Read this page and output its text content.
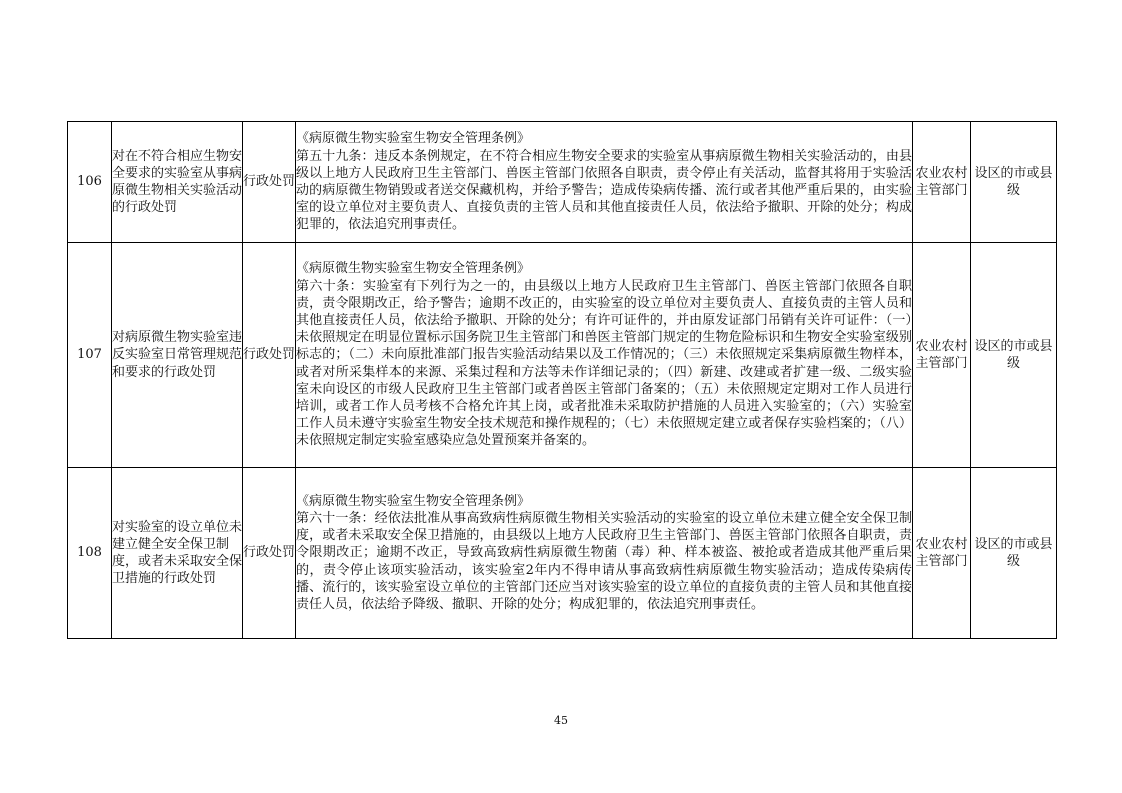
106	对在不符合相应生物安全要求的实验室从事病原微生物相关实验活动的行政处罚	行政处罚	《病原微生物实验室生物安全管理条例》
第五十九条：违反本条例规定，在不符合相应生物安全要求的实验室从事病原微生物相关实验活动的，由县级以上地方人民政府卫生主管部门、兽医主管部门依照各自职责，责令停止有关活动，监督其将用于实验活动的病原微生物销毁或者送交保藏机构，并给予警告；造成传染病传播、流行或者其他严重后果的，由实验室的设立单位对主要负责人、直接负责的主管人员和其他直接责任人员，依法给予撤职、开除的处分；构成犯罪的，依法追究刑事责任。	农业农村主管部门	设区的市或县级
107	对病原微生物实验室违反实验室日常管理规范和要求的行政处罚	行政处罚	《病原微生物实验室生物安全管理条例》
第六十条：实验室有下列行为之一的，由县级以上地方人民政府卫生主管部门、兽医主管部门依照各自职责，责令限期改正，给予警告；逾期不改正的，由实验室的设立单位对主要负责人、直接负责的主管人员和其他直接责任人员，依法给予撤职、开除的处分；有许可证件的，并由原发证部门吊销有关许可证件：（一）未依照规定在明显位置标示国务院卫生主管部门和兽医主管部门规定的生物危险标识和生物安全实验室级别标志的；（二）未向原批准部门报告实验活动结果以及工作情况的；（三）未依照规定采集病原微生物样本，或者对所采集样本的来源、采集过程和方法等未作详细记录的；（四）新建、改建或者扩建一级、二级实验室未向设区的市级人民政府卫生主管部门或者兽医主管部门备案的；（五）未依照规定定期对工作人员进行培训，或者工作人员考核不合格允许其上岗，或者批准未采取防护措施的人员进入实验室的；（六）实验室工作人员未遵守实验室生物安全技术规范和操作规程的；（七）未依照规定建立或者保存实验档案的；（八）未依照规定制定实验室感染应急处置预案并备案的。	农业农村主管部门	设区的市或县级
108	对实验室的设立单位未建立健全安全保卫制度，或者未采取安全保卫措施的行政处罚	行政处罚	《病原微生物实验室生物安全管理条例》
第六十一条：经依法批准从事高致病性病原微生物相关实验活动的实验室的设立单位未建立健全安全保卫制度，或者未采取安全保卫措施的，由县级以上地方人民政府卫生主管部门、兽医主管部门依照各自职责，责令限期改正；逾期不改正，导致高致病性病原微生物菌（毒）种、样本被盗、被抢或者造成其他严重后果的，责令停止该项实验活动，该实验室2年内不得申请从事高致病性病原微生物实验活动；造成传染病传播、流行的，该实验室设立单位的主管部门还应当对该实验室的设立单位的直接负责的主管人员和其他直接责任人员，依法给予降级、撤职、开除的处分；构成犯罪的，依法追究刑事责任。	农业农村主管部门	设区的市或县级
45
